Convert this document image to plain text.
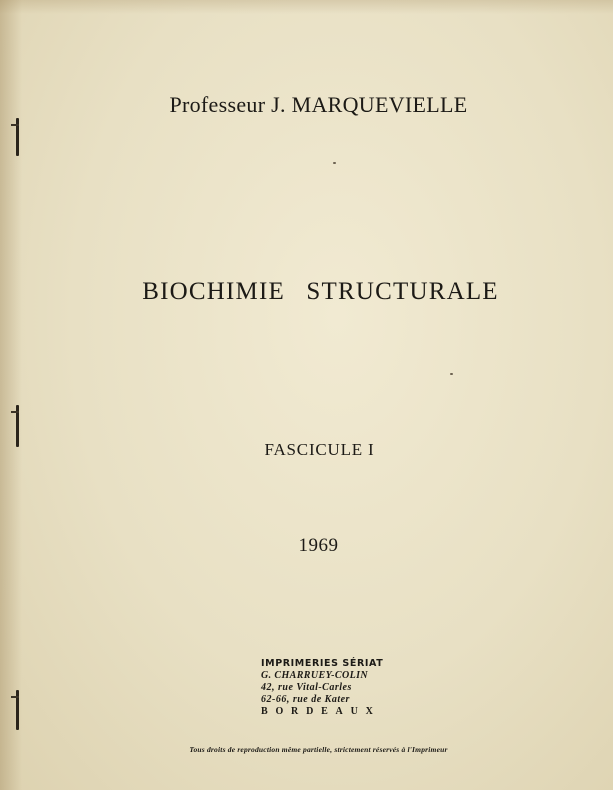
Professeur J. MARQUEVIELLE
BIOCHIMIE STRUCTURALE
FASCICULE I
1969
IMPRIMERIES SÉRIAT
G. CHARRUEY-COLIN
42, rue Vital-Carles
62-66, rue de Kater
BORDEAUX
Tous droits de reproduction même partielle, strictement réservés à l'Imprimeur
